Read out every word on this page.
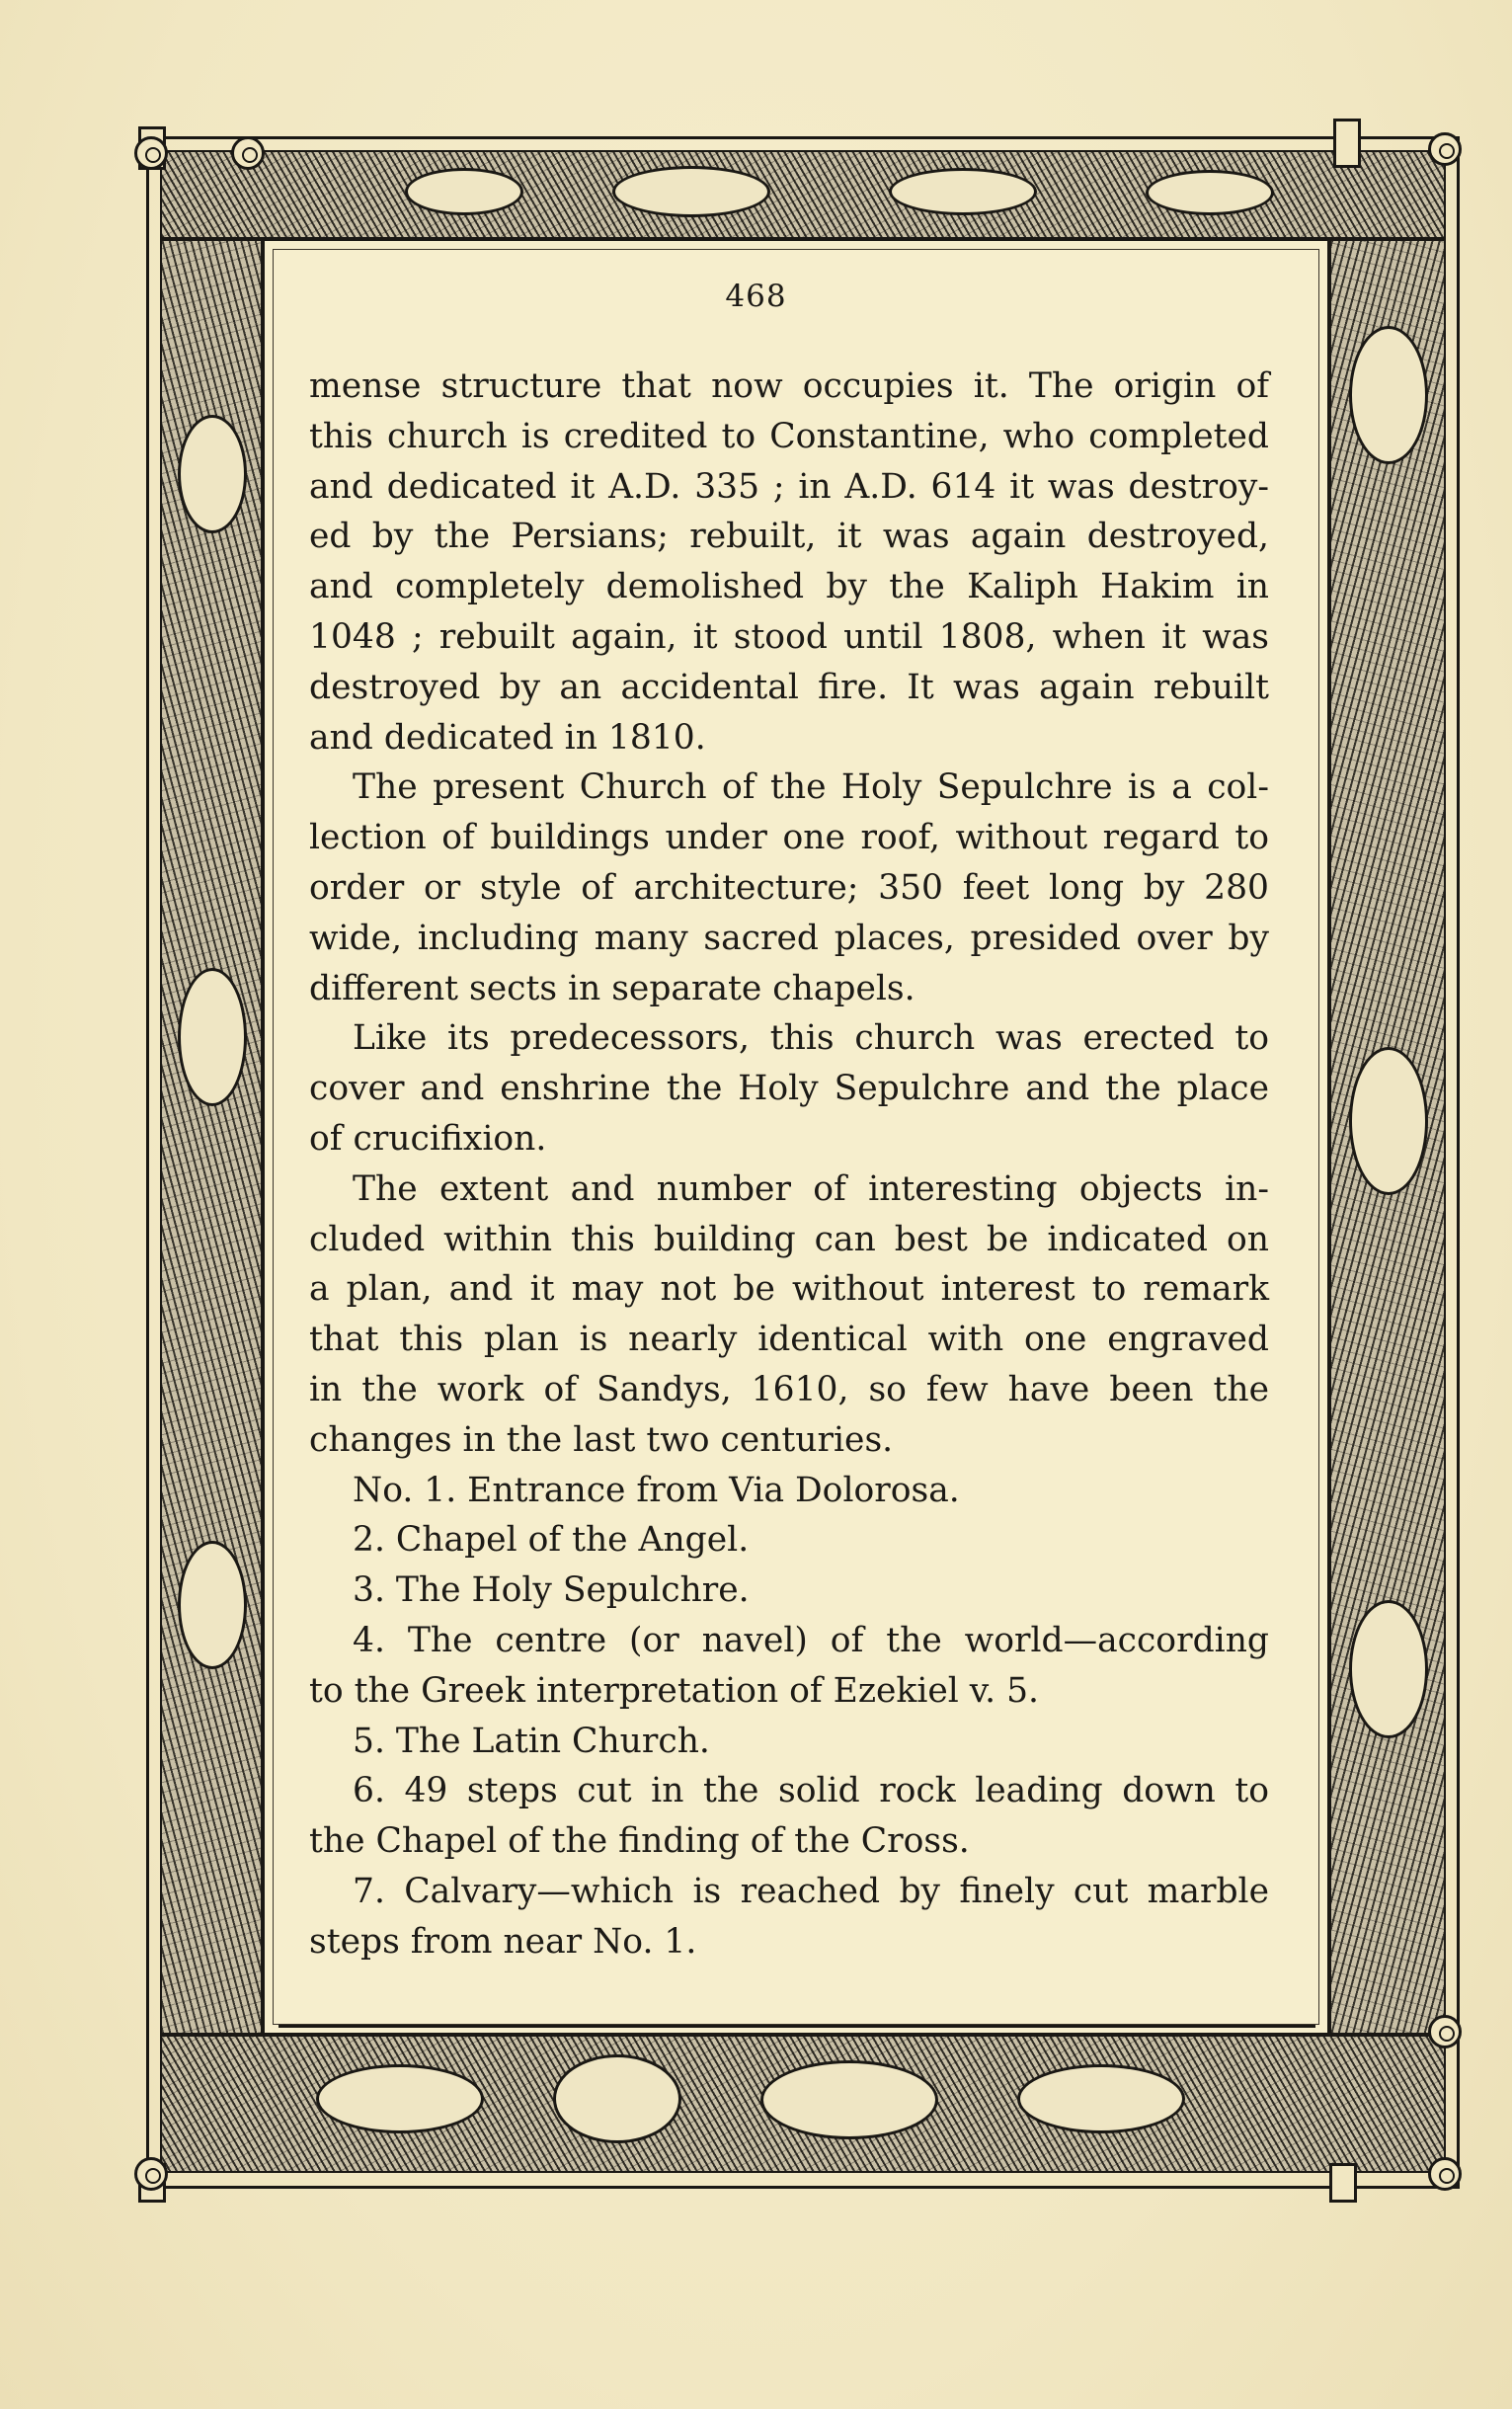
468
mense structure that now occupies it. The origin of
this church is credited to Constantine, who completed
and dedicated it A.D. 335 ; in A.D. 614 it was destroy-
ed by the Persians; rebuilt, it was again destroyed,
and completely demolished by the Kaliph Hakim in
1048 ; rebuilt again, it stood until 1808, when it was
destroyed by an accidental fire. It was again rebuilt
and dedicated in 1810.
The present Church of the Holy Sepulchre is a col-
lection of buildings under one roof, without regard to
order or style of architecture; 350 feet long by 280
wide, including many sacred places, presided over by
different sects in separate chapels.
Like its predecessors, this church was erected to
cover and enshrine the Holy Sepulchre and the place
of crucifixion.
The extent and number of interesting objects in-
cluded within this building can best be indicated on
a plan, and it may not be without interest to remark
that this plan is nearly identical with one engraved
in the work of Sandys, 1610, so few have been the
changes in the last two centuries.
No. 1. Entrance from Via Dolorosa.
2. Chapel of the Angel.
3. The Holy Sepulchre.
4. The centre (or navel) of the world—according
to the Greek interpretation of Ezekiel v. 5.
5. The Latin Church.
6. 49 steps cut in the solid rock leading down to
the Chapel of the finding of the Cross.
7. Calvary—which is reached by finely cut marble
steps from near No. 1.
